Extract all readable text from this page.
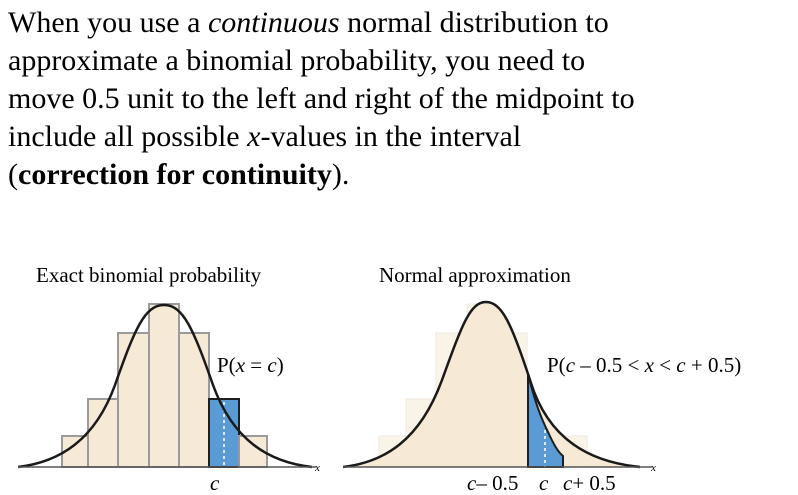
When you use a continuous normal distribution to
approximate a binomial probability, you need to
move 0.5 unit to the left and right of the midpoint to
include all possible x-values in the interval
(correction for continuity).

Exact binomial probability	Normal approximation
x	x
P(x = c)	P(c – 0.5 < x < c + 0.5)
c	c– 0.5 c c+ 0.5
